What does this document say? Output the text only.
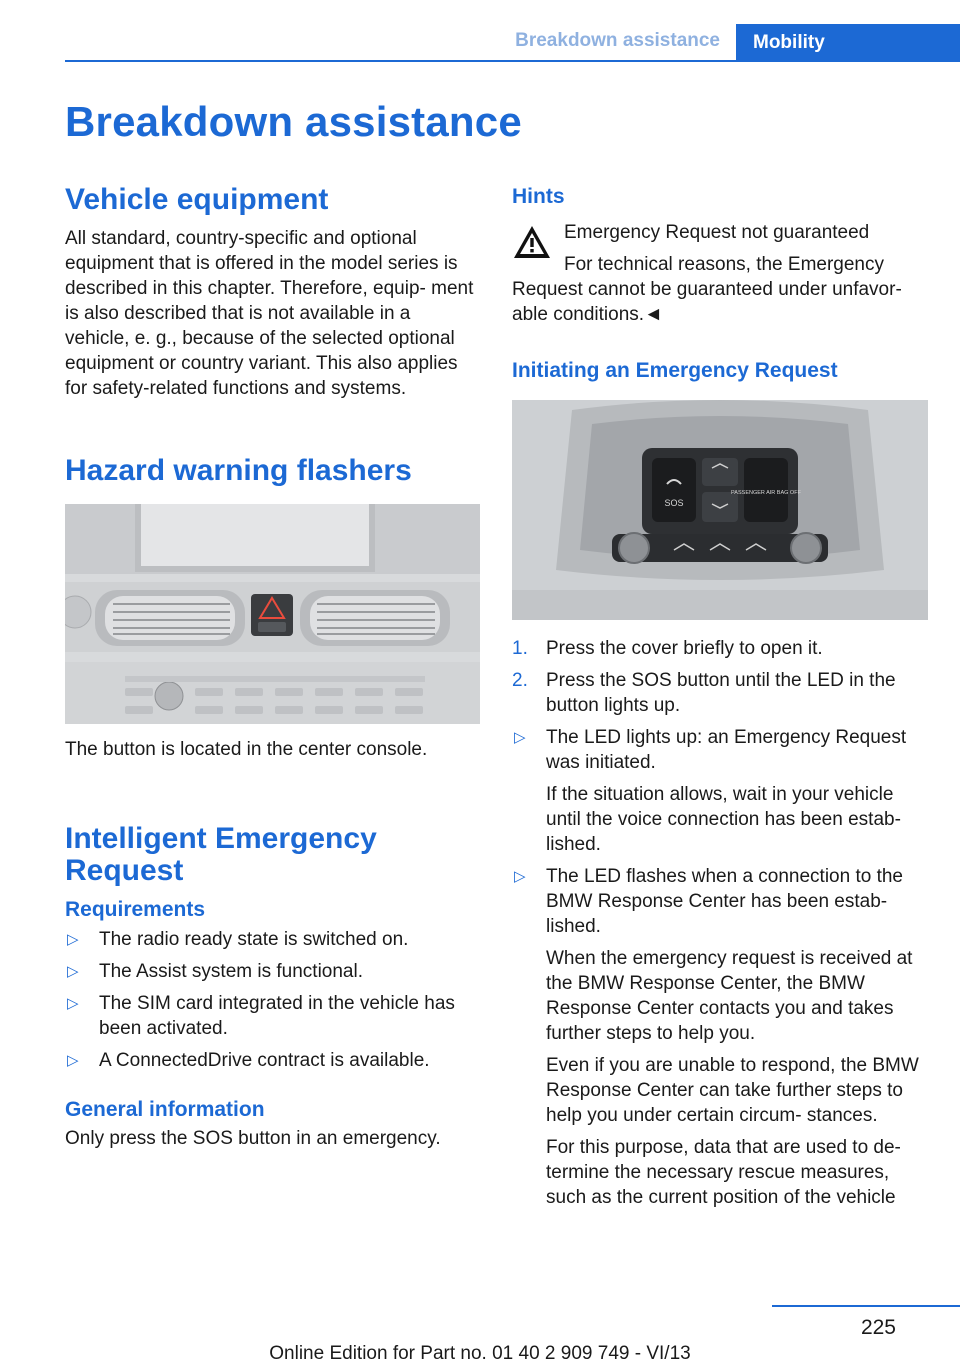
Breakdown assistance	Mobility
Breakdown assistance
Vehicle equipment

All standard, country-specific and optional equipment that is offered in the model series is described in this chapter. Therefore, equip- ment is also described that is not available in a vehicle, e. g., because of the selected optional equipment or country variant. This also applies for safety-related functions and systems.

Hazard warning flashers

The button is located in the center console.

Intelligent Emergency Request
Requirements
▷ The radio ready state is switched on.
▷ The Assist system is functional.
▷ The SIM card integrated in the vehicle has been activated.
▷ A ConnectedDrive contract is available.
General information

Only press the SOS button in an emergency.

Hints

Emergency Request not guaranteed

For technical reasons, the Emergency Request cannot be guaranteed under unfavor- able conditions.◄

Initiating an Emergency Request
SOS
PASSENGER AIR BAG OFF
1. Press the cover briefly to open it.
2. Press the SOS button until the LED in the button lights up.
▷ The LED lights up: an Emergency Request was initiated.

If the situation allows, wait in your vehicle until the voice connection has been estab- lished.

▷ The LED flashes when a connection to the BMW Response Center has been estab- lished.

When the emergency request is received at the BMW Response Center, the BMW Response Center contacts you and takes further steps to help you.

Even if you are unable to respond, the BMW Response Center can take further steps to help you under certain circum- stances.

For this purpose, data that are used to de- termine the necessary rescue measures, such as the current position of the vehicle

225
Online Edition for Part no. 01 40 2 909 749 - VI/13
